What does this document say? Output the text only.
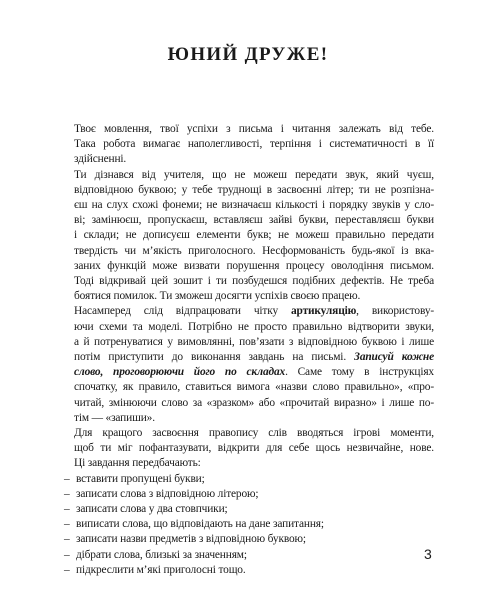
ЮНИЙ ДРУЖЕ!

Твоє мовлення, твої успіхи з письма і читання залежать від тебе.
Така робота вимагає наполегливості, терпіння і систематичності в її
здійсненні.

Ти дізнався від учителя, що не можеш передати звук, який чуєш,
відповідною буквою; у тебе труднощі в засвоєнні літер; ти не розпізна-
єш на слух схожі фонеми; не визначаєш кількості і порядку звуків у сло-
ві; замінюєш, пропускаєш, вставляєш зайві букви, переставляєш букви
і склади; не дописуєш елементи букв; не можеш правильно передати
твердість чи м’якість приголосного. Несформованість будь-якої із вка-
заних функцій може визвати порушення процесу оволодіння письмом.
Тоді відкривай цей зошит і ти позбудешся подібних дефектів. Не треба
боятися помилок. Ти зможеш досягти успіхів своєю працею.

Насамперед слід відпрацювати чітку артикуляцію, використову-
ючи схеми та моделі. Потрібно не просто правильно відтворити звуки,
а й потренуватися у вимовлянні, пов’язати з відповідною буквою і лише
потім приступити до виконання завдань на письмі. Записуй кожне
слово, проговорюючи його по складах. Саме тому в інструкціях
спочатку, як правило, ставиться вимога «назви слово правильно», «про-
читай, змінюючи слово за «зразком» або «прочитай виразно» і лише по-
тім — «запиши».

Для кращого засвоєння правопису слів вводяться ігрові моменти,
щоб ти міг пофантазувати, відкрити для себе щось незвичайне, нове.
Ці завдання передбачають:

– вставити пропущені букви;
– записати слова з відповідною літерою;
– записати слова у два стовпчики;
– виписати слова, що відповідають на дане запитання;
– записати назви предметів з відповідною буквою;
– дібрати слова, близькі за значенням;
– підкреслити м’які приголосні тощо.
3
